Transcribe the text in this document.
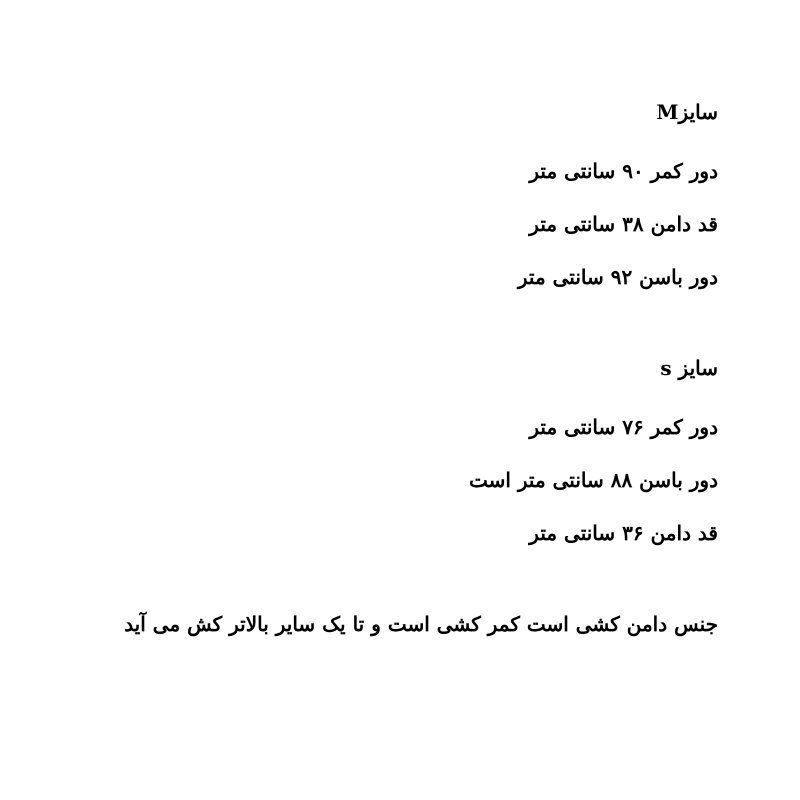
سایزM
دور کمر ۹۰ سانتی متر
قد دامن ۳۸ سانتی متر
دور باسن ۹۲ سانتی متر
سایز s
دور کمر ۷۶ سانتی متر
دور باسن ۸۸ سانتی متر است
قد دامن ۳۶ سانتی متر
جنس دامن کشی است کمر کشی است و تا یک سایر بالاتر کش می آید
